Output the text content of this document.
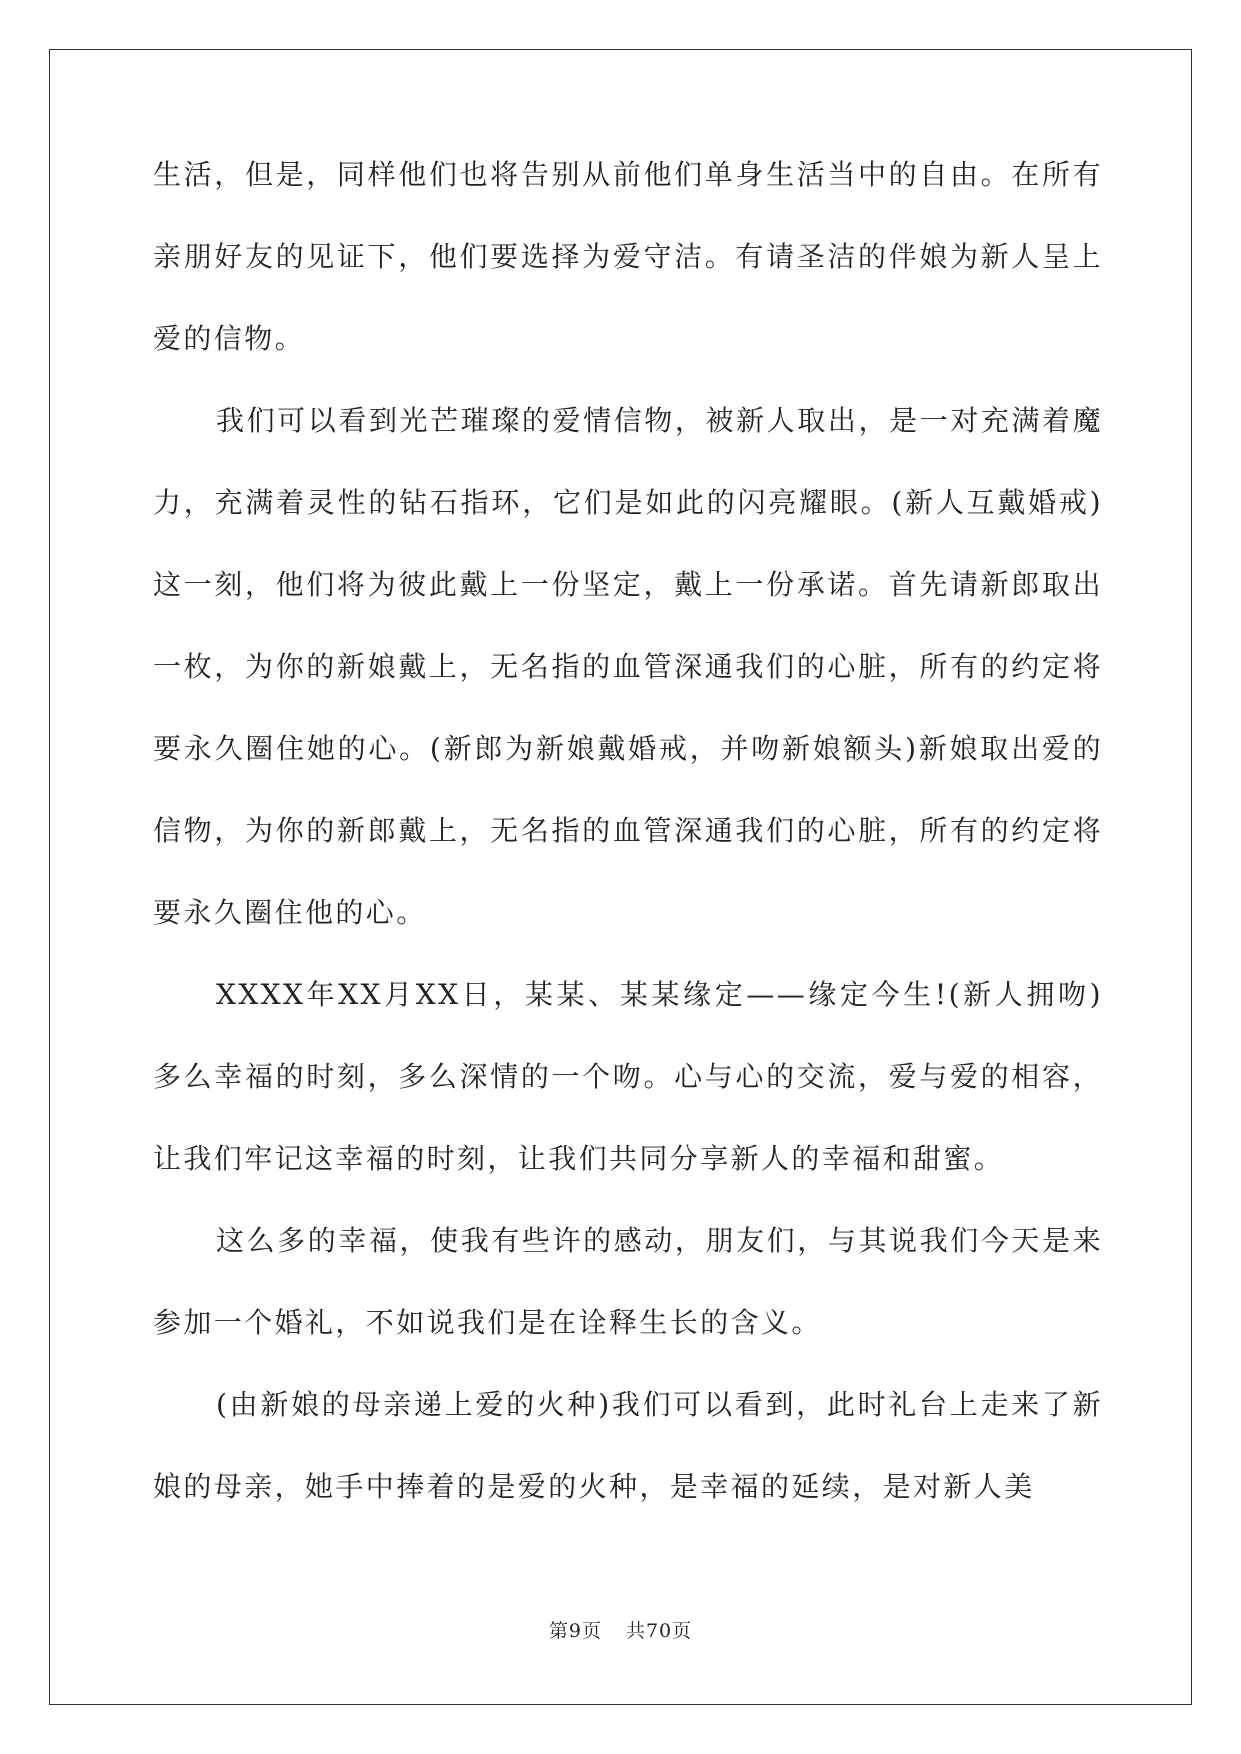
生活，但是，同样他们也将告别从前他们单身生活当中的自由。在所有亲朋好友的见证下，他们要选择为爱守洁。有请圣洁的伴娘为新人呈上爱的信物。

我们可以看到光芒璀璨的爱情信物，被新人取出，是一对充满着魔力，充满着灵性的钻石指环，它们是如此的闪亮耀眼。(新人互戴婚戒)这一刻，他们将为彼此戴上一份坚定，戴上一份承诺。首先请新郎取出一枚，为你的新娘戴上，无名指的血管深通我们的心脏，所有的约定将要永久圈住她的心。(新郎为新娘戴婚戒，并吻新娘额头)新娘取出爱的信物，为你的新郎戴上，无名指的血管深通我们的心脏，所有的约定将要永久圈住他的心。

XXXX年XX月XX日，某某、某某缘定——缘定今生!(新人拥吻)多么幸福的时刻，多么深情的一个吻。心与心的交流，爱与爱的相容，让我们牢记这幸福的时刻，让我们共同分享新人的幸福和甜蜜。

这么多的幸福，使我有些许的感动，朋友们，与其说我们今天是来参加一个婚礼，不如说我们是在诠释生长的含义。

(由新娘的母亲递上爱的火种)我们可以看到，此时礼台上走来了新娘的母亲，她手中捧着的是爱的火种，是幸福的延续，是对新人美

第9页 共70页
